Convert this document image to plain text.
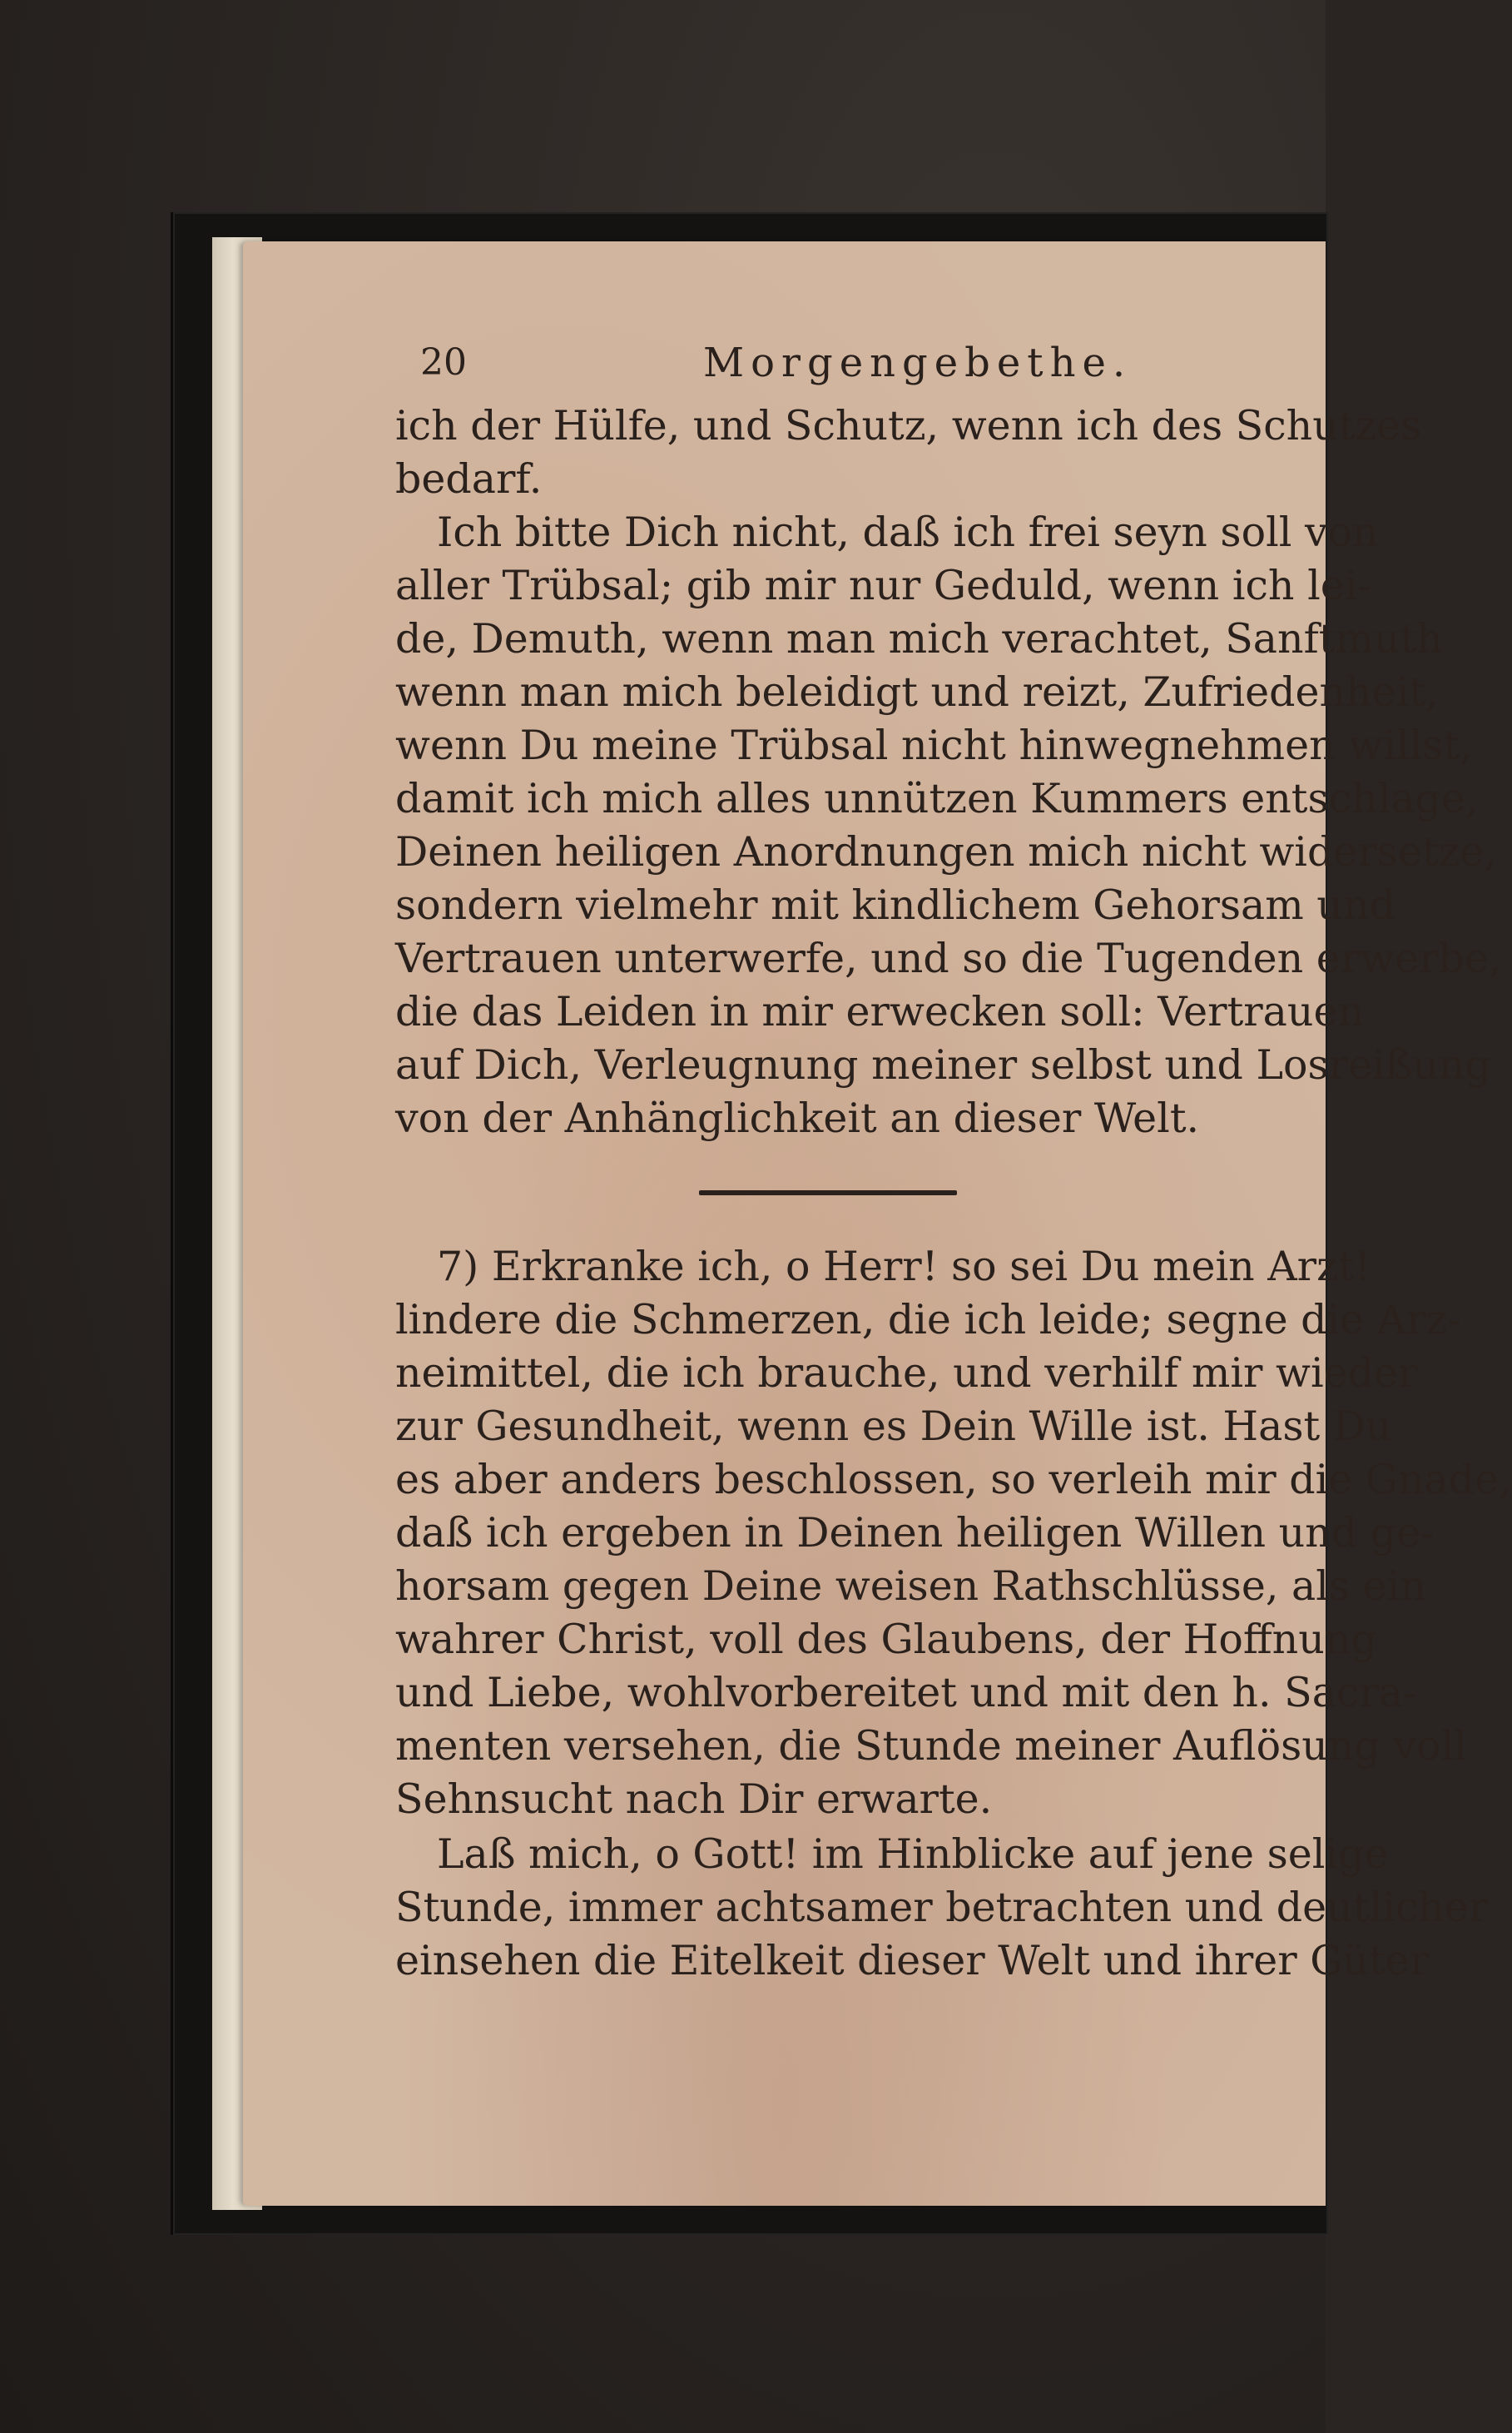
20	Morgengebethe.
ich der Hülfe, und Schutz, wenn ich des Schutzes
bedarf.
Ich bitte Dich nicht, daß ich frei seyn soll von
aller Trübsal; gib mir nur Geduld, wenn ich lei-
de, Demuth, wenn man mich verachtet, Sanftmuth
wenn man mich beleidigt und reizt, Zufriedenheit,
wenn Du meine Trübsal nicht hinwegnehmen willst,
damit ich mich alles unnützen Kummers entschlage,
Deinen heiligen Anordnungen mich nicht widersetze,
sondern vielmehr mit kindlichem Gehorsam und
Vertrauen unterwerfe, und so die Tugenden erwerbe,
die das Leiden in mir erwecken soll: Vertrauen
auf Dich, Verleugnung meiner selbst und Losreißung
von der Anhänglichkeit an dieser Welt.
7) Erkranke ich, o Herr! so sei Du mein Arzt!
lindere die Schmerzen, die ich leide; segne die Arz-
neimittel, die ich brauche, und verhilf mir wieder
zur Gesundheit, wenn es Dein Wille ist. Hast Du
es aber anders beschlossen, so verleih mir die Gnade,
daß ich ergeben in Deinen heiligen Willen und ge-
horsam gegen Deine weisen Rathschlüsse, als ein
wahrer Christ, voll des Glaubens, der Hoffnung
und Liebe, wohlvorbereitet und mit den h. Sacra-
menten versehen, die Stunde meiner Auflösung voll
Sehnsucht nach Dir erwarte.
Laß mich, o Gott! im Hinblicke auf jene selige
Stunde, immer achtsamer betrachten und deutlicher
einsehen die Eitelkeit dieser Welt und ihrer Güter
